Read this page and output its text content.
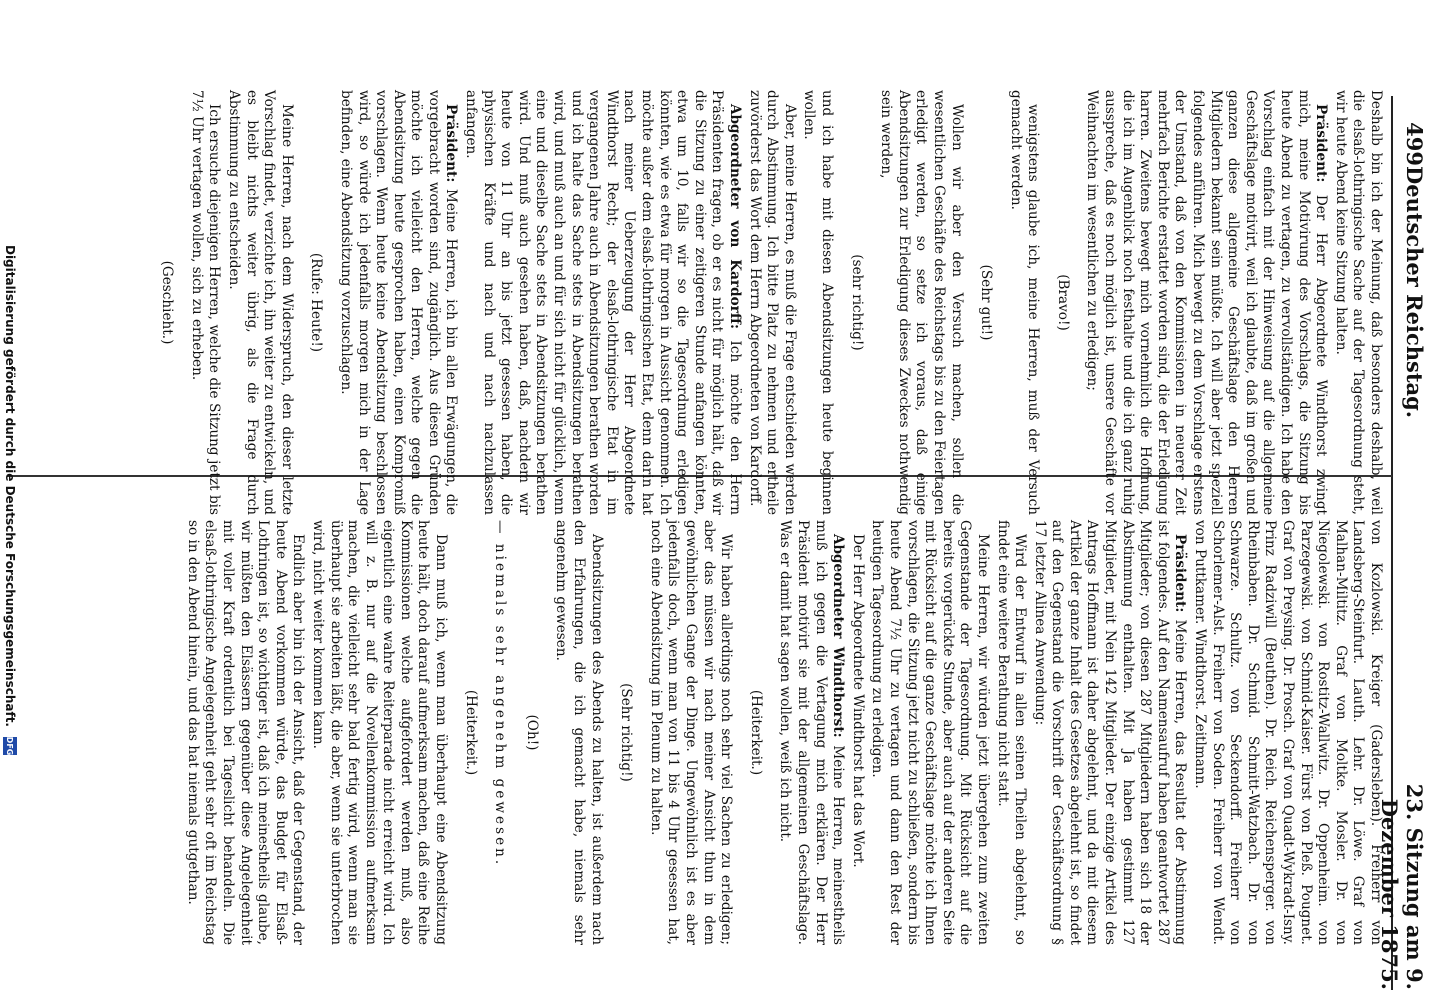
499
Deutscher Reichstag.
23. Sitzung am 9. Dezember 1875.

von Kozlowski. Kreiger (Gadersleben). Freiherr von Landsberg-Steinfurt. Lauth. Lehr. Dr. Löwe. Graf von Malhan-Miltitz. Graf von Moltke. Mosler. Dr. von Niegolewski. von Rostitz-Wallwitz. Dr. Oppenheim. von Parzegewski. von Schmid-Kaiser. Fürst von Pleß. Pougnet. Graf von Preysing. Dr. Prosch. Graf von Quadt-Wykradt-Isny. Prinz Radziwill (Beuthen). Dr. Reich. Reichensperger. von Rheinbaben. Dr. Schmid. Schmitt-Watzbach. Dr. von Schwarze. Schultz. von Seckendorff. Freiherr von Schorlemer-Alst. Freiherr von Soden. Freiherr von Wendt. von Puttkamer. Windthorst. Zeitlmann.

Präsident: Meine Herren, das Resultat der Abstimmung ist folgendes. Auf den Namensaufruf haben geantwortet 287 Mitglieder; von diesen 287 Mitgliedern haben sich 18 der Abstimmung enthalten. Mit Ja haben gestimmt 127 Mitglieder, mit Nein 142 Mitglieder. Der einzige Artikel des Antrags Hoffmann ist daher abgelehnt, und da mit diesem Artikel der ganze Inhalt des Gesetzes abgelehnt ist, so findet auf den Gegenstand die Vorschrift der Geschäftsordnung § 17 letzter Alinea Anwendung:

Wird der Entwurf in allen seinen Theilen abgelehnt, so findet eine weitere Berathung nicht statt.

Meine Herren, wir würden jetzt übergehen zum zweiten Gegenstande der Tagesordnung. Mit Rücksicht auf die bereits vorgerückte Stunde, aber auch auf der anderen Seite mit Rücksicht auf die ganze Geschäftslage möchte ich Ihnen vorschlagen, die Sitzung jetzt nicht zu schließen, sondern bis heute Abend 7½ Uhr zu vertagen und dann den Rest der heutigen Tagesordnung zu erledigen.

Der Herr Abgeordnete Windthorst hat das Wort.

Abgeordneter Windthorst: Meine Herren, meinestheils muß ich gegen die Vertagung mich erklären. Der Herr Präsident motivirt sie mit der allgemeinen Geschäftslage. Was er damit hat sagen wollen, weiß ich nicht.

(Heiterkeit.)

Wir haben allerdings noch sehr viel Sachen zu erledigen; aber das müssen wir nach meiner Ansicht thun in dem gewöhnlichen Gange der Dinge. Ungewöhnlich ist es aber jedenfalls doch, wenn man von 11 bis 4 Uhr gesessen hat, noch eine Abendsitzung im Plenum zu halten.

(Sehr richtig!)

Abendsitzungen des Abends zu halten, ist außerdem nach den Erfahrungen, die ich gemacht habe, niemals sehr angenehm gewesen.

(Oh!)

— niemals sehr angenehm gewesen.

(Heiterkeit.)

Dann muß ich, wenn man überhaupt eine Abendsitzung heute hält, doch darauf aufmerksam machen, daß eine Reihe Kommissionen welche aufgefordert werden muß, also eigentlich eine wahre Reiterparade nicht erreicht wird. Ich will z. B. nur auf die Novellenkommission aufmerksam machen, die vielleicht sehr bald fertig wird, wenn man sie überhaupt sie arbeiten läßt, die aber, wenn sie unterbrochen wird, nicht weiter kommen kann.

Endlich aber bin ich der Ansicht, daß der Gegenstand, der heute Abend vorkommen würde, das Budget für Elsaß-Lothringen ist, so wichtiger ist, daß ich meinestheils glaube, wir müßten den Elsässern gegenüber diese Angelegenheit mit voller Kraft ordentlich bei Tageslicht behandeln. Die elsaß-lothringische Angelegenheit geht sehr oft im Reichstag so in den Abend hinein, und das hat niemals gutgethan.

Deshalb bin ich der Meinung, daß besonders deshalb, weil die elsaß-lothringische Sache auf der Tagesordnung steht, wir heute Abend keine Sitzung halten.

Präsident: Der Herr Abgeordnete Windthorst zwingt mich, meine Motivirung des Vorschlags, die Sitzung bis heute Abend zu vertagen, zu vervollständigen. Ich habe den Vorschlag einfach mit der Hinweisung auf die allgemeine Geschäftslage motivirt, weil ich glaubte, daß im großen und ganzen diese allgemeine Geschäftslage den Herren Mitgliedern bekannt sein müßte. Ich will aber jetzt speziell folgendes anführen. Mich bewegt zu dem Vorschlage erstens der Umstand, daß von den Kommissionen in neuerer Zeit mehrfach Berichte erstattet worden sind, die der Erledigung harren. Zweitens bewegt mich vornehmlich die Hoffnung, die ich im Augenblick noch festhalte und die ich ganz ruhig ausspreche, daß es noch möglich ist, unsere Geschäfte vor Weihnachten im wesentlichen zu erledigen;

(Bravo!)

wenigstens glaube ich, meine Herren, muß der Versuch gemacht werden.

(Sehr gut!)

Wollen wir aber den Versuch machen, sollen die wesentlichen Geschäfte des Reichstags bis zu den Feiertagen erledigt werden, so setze ich voraus, daß einige Abendsitzungen zur Erledigung dieses Zweckes nothwendig sein werden,

(sehr richtig!)

und ich habe mit diesen Abendsitzungen heute beginnen wollen.

Aber, meine Herren, es muß die Frage entschieden werden durch Abstimmung. Ich bitte Platz zu nehmen und ertheile zuvörderst das Wort dem Herrn Abgeordneten von Kardorff.

Abgeordneter von Kardorff: Ich möchte den Herrn Präsidenten fragen, ob er es nicht für möglich hält, daß wir die Sitzung zu einer zeitigeren Stunde anfangen könnten, etwa um 10, falls wir so die Tagesordnung erledigen könnten, wie es etwa für morgen in Aussicht genommen. Ich möchte außer dem elsaß-lothringischen Etat, denn darin hat nach meiner Ueberzeugung der Herr Abgeordnete Windthorst Recht; der elsaß-lothringische Etat in im vergangenen Jahre auch in Abendsitzungen berathen worden und ich halte das Sache stets in Abendsitzungen berathen wird, und muß auch an und für sich nicht für glücklich, wenn eine und dieselbe Sache stets in Abendsitzungen berathen wird. Und muß auch gesehen haben, daß, nachdem wir heute von 11 Uhr an bis jetzt gesessen haben, die physischen Kräfte und nach und nach nachzulassen anfangen.

Präsident: Meine Herren, ich bin allen Erwägungen, die vorgebracht worden sind, zugänglich. Aus diesen Gründen möchte ich vielleicht den Herren, welche gegen die Abendsitzung heute gesprochen haben, einen Kompromiß vorschlagen. Wenn heute keine Abendsitzung beschlossen wird, so würde ich jedenfalls morgen mich in der Lage befinden, eine Abendsitzung vorzuschlagen.

(Rufe: Heute!)

Meine Herren, nach dem Widerspruch, den dieser letzte Vorschlag findet, verzichte ich, ihn weiter zu entwickeln, und es bleibt nichts weiter übrig, als die Frage durch Abstimmung zu entscheiden.

Ich ersuche diejenigen Herren, welche die Sitzung jetzt bis 7½ Uhr vertagen wollen, sich zu erheben.

(Geschieht.)

Digitalisierung gefördert durch die Deutsche Forschungsgemeinschaft.
DFG
